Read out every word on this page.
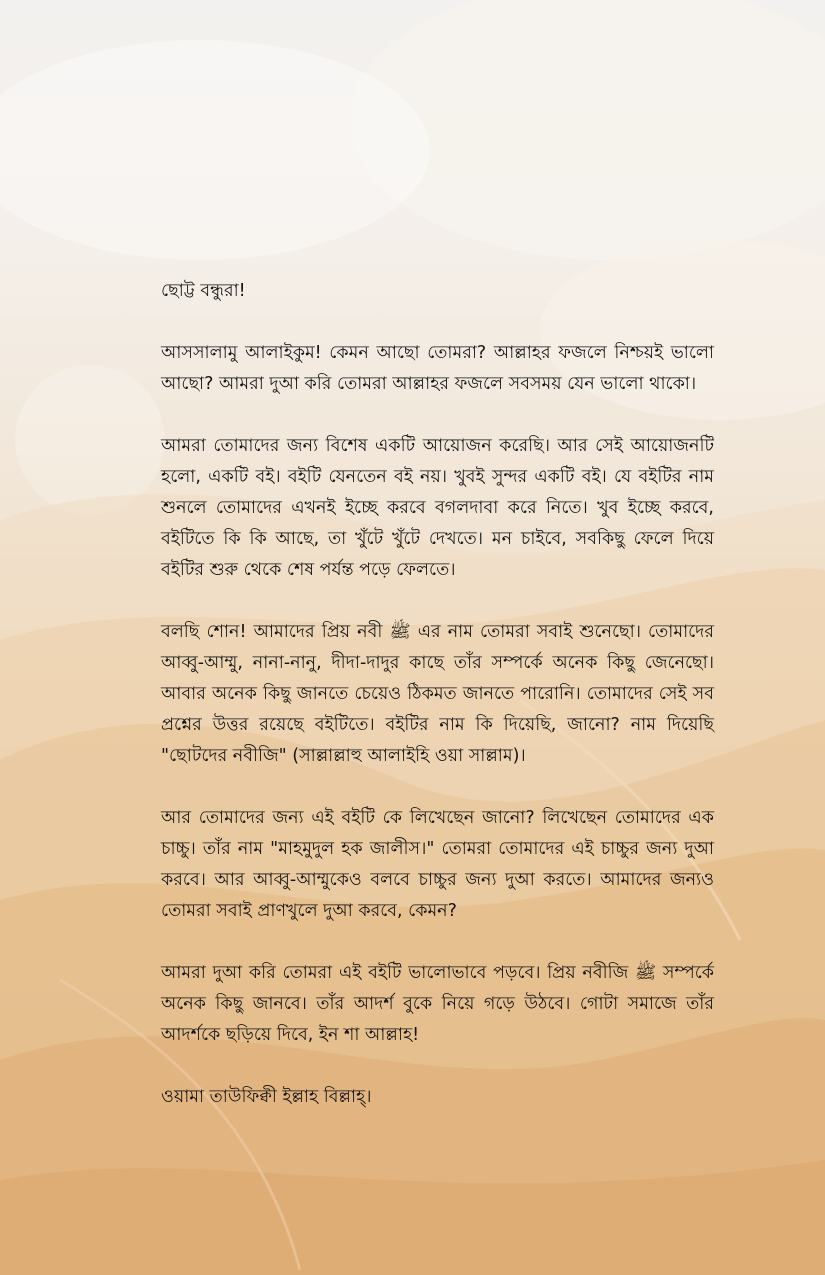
ছোট্ট বন্ধুরা!

আসসালামু আলাইকুম! কেমন আছো তোমরা? আল্লাহর ফজলে নিশ্চয়ই ভালো আছো? আমরা দুআ করি তোমরা আল্লাহর ফজলে সবসময় যেন ভালো থাকো।

আমরা তোমাদের জন্য বিশেষ একটি আয়োজন করেছি। আর সেই আয়োজনটি হলো, একটি বই। বইটি যেনতেন বই নয়। খুবই সুন্দর একটি বই। যে বইটির নাম শুনলে তোমাদের এখনই ইচ্ছে করবে বগলদাবা করে নিতে। খুব ইচ্ছে করবে, বইটিতে কি কি আছে, তা খুঁটে খুঁটে দেখতে। মন চাইবে, সবকিছু ফেলে দিয়ে বইটির শুরু থেকে শেষ পর্যন্ত পড়ে ফেলতে।

বলছি শোন! আমাদের প্রিয় নবী ﷺ এর নাম তোমরা সবাই শুনেছো। তোমাদের আব্বু-আম্মু, নানা-নানু, দীদা-দাদুর কাছে তাঁর সম্পর্কে অনেক কিছু জেনেছো। আবার অনেক কিছু জানতে চেয়েও ঠিকমত জানতে পারোনি। তোমাদের সেই সব প্রশ্নের উত্তর রয়েছে বইটিতে। বইটির নাম কি দিয়েছি, জানো? নাম দিয়েছি "ছোটদের নবীজি" (সাল্লাল্লাহু আলাইহি ওয়া সাল্লাম)।

আর তোমাদের জন্য এই বইটি কে লিখেছেন জানো? লিখেছেন তোমাদের এক চাচ্চু। তাঁর নাম "মাহমুদুল হক জালীস।" তোমরা তোমাদের এই চাচ্চুর জন্য দুআ করবে। আর আব্বু-আম্মুকেও বলবে চাচ্চুর জন্য দুআ করতে। আমাদের জন্যও তোমরা সবাই প্রাণখুলে দুআ করবে, কেমন?

আমরা দুআ করি তোমরা এই বইটি ভালোভাবে পড়বে। প্রিয় নবীজি ﷺ সম্পর্কে অনেক কিছু জানবে। তাঁর আদর্শ বুকে নিয়ে গড়ে উঠবে। গোটা সমাজে তাঁর আদর্শকে ছড়িয়ে দিবে, ইন শা আল্লাহ!

ওয়ামা তাউফিক্বী ইল্লাহ বিল্লাহ্।
